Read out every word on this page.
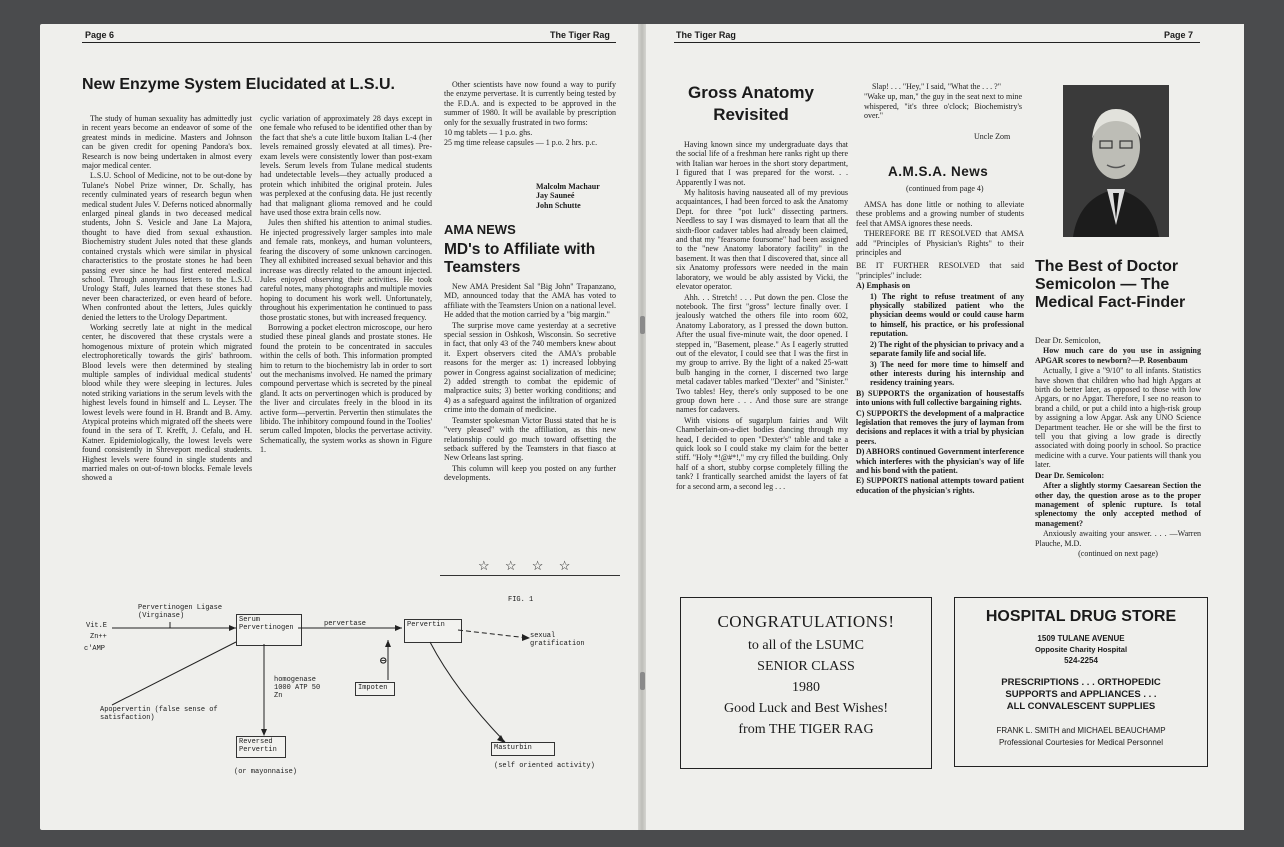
Page 6	The Tiger Rag
New Enzyme System Elucidated at L.S.U.

The study of human sexuality has admittedly just in recent years become an endeavor of some of the greatest minds in medicine. Masters and Johnson can be given credit for opening Pandora's box. Research is now being undertaken in almost every major medical center.

L.S.U. School of Medicine, not to be out-done by Tulane's Nobel Prize winner, Dr. Schally, has recently culminated years of research begun when medical student Jules V. Deferns noticed abnormally enlarged pineal glands in two deceased medical students, John S. Vesicle and Jane La Majora, thought to have died from sexual exhaustion. Biochemistry student Jules noted that these glands contained crystals which were similar in physical characteristics to the prostate stones he had been passing ever since he had first entered medical school. Through anonymous letters to the L.S.U. Urology Staff, Jules learned that these stones had never been characterized, or even heard of before. When confronted about the letters, Jules quickly denied the letters to the Urology Department.

Working secretly late at night in the medical center, he discovered that these crystals were a homogenous mixture of protein which migrated electrophoretically towards the girls' bathroom. Blood levels were then determined by stealing multiple samples of individual medical students' blood while they were sleeping in lectures. Jules noted striking variations in the serum levels with the highest levels found in himself and L. Leyser. The lowest levels were found in H. Brandt and B. Amy. Atypical proteins which migrated off the sheets were found in the sera of T. Krefft, J. Cefalu, and H. Katner. Epidemiologically, the lowest levels were found consistently in Shreveport medical students. Highest levels were found in single students and married males on out-of-town blocks. Female levels showed a

cyclic variation of approximately 28 days except in one female who refused to be identified other than by the fact that she's a cute little buxom Italian L-4 (her levels remained grossly elevated at all times). Pre-exam levels were consistently lower than post-exam levels. Serum levels from Tulane medical students had undetectable levels—they actually produced a protein which inhibited the original protein. Jules was perplexed at the confusing data. He just recently had that malignant glioma removed and he could have used those extra brain cells now.

Jules then shifted his attention to animal studies. He injected progressively larger samples into male and female rats, monkeys, and human volunteers, fearing the discovery of some unknown carcinogen. They all exhibited increased sexual behavior and this increase was directly related to the amount injected. Jules enjoyed observing their activities. He took careful notes, many photographs and multiple movies hoping to document his work well. Unfortunately, throughout his experimentation he continued to pass those prostatic stones, but with increased frequency.

Borrowing a pocket electron microscope, our hero studied these pineal glands and prostate stones. He found the protein to be concentrated in saccules within the cells of both. This information prompted him to return to the biochemistry lab in order to sort out the mechanisms involved. He named the primary compound pervertase which is secreted by the pineal gland. It acts on pervertinogen which is produced by the liver and circulates freely in the blood in its active form—pervertin. Pervertin then stimulates the libido. The inhibitory compound found in the Toolies' serum called Impoten, blocks the pervertase activity. Schematically, the system works as shown in Figure 1.

Other scientists have now found a way to purify the enzyme pervertase. It is currently being tested by the F.D.A. and is expected to be approved in the summer of 1980. It will be available by prescription only for the sexually frustrated in two forms:

10 mg tablets — 1 p.o. ghs.

25 mg time release capsules — 1 p.o. 2 hrs. p.c.

Malcolm Machaur
Jay Sauneé
John Schutte
AMA NEWS
MD's to Affiliate with Teamsters

New AMA President Sal "Big John" Trapanzano, MD, announced today that the AMA has voted to affiliate with the Teamsters Union on a national level. He added that the motion carried by a "big margin."

The surprise move came yesterday at a secretive special session in Oshkosh, Wisconsin. So secretive in fact, that only 43 of the 740 members knew about it. Expert observers cited the AMA's probable reasons for the merger as: 1) increased lobbying power in Congress against socialization of medicine; 2) added strength to combat the epidemic of malpractice suits; 3) better working conditions; and 4) as a safeguard against the infiltration of organized crime into the domain of medicine.

Teamster spokesman Victor Bussi stated that he is "very pleased" with the affiliation, as this new relationship could go much toward offsetting the setback suffered by the Teamsters in that fiasco at New Orleans last spring.

This column will keep you posted on any further developments.

☆ ☆ ☆ ☆
FIG. 1
Pervertinogen Ligase (Virginase)
Vit.E
Zn++
c'AMP
Serum Pervertinogen	pervertase	Pervertin
sexual gratification
⊖
Impoten
homogenase 1000 ATP 50 Zn
Apopervertin (false sense of satisfaction)
Reversed Pervertin
(or mayonnaise)
Masturbin
(self oriented activity)
The Tiger Rag	Page 7
Gross Anatomy Revisited

Having known since my undergraduate days that the social life of a freshman here ranks right up there with Italian war heroes in the short story department, I figured that I was prepared for the worst. . . Apparently I was not.

My halitosis having nauseated all of my previous acquaintances, I had been forced to ask the Anatomy Dept. for three "pot luck" dissecting partners. Needless to say I was dismayed to learn that all the sixth-floor cadaver tables had already been claimed, and that my "fearsome foursome" had been assigned to the "new Anatomy laboratory facility" in the basement. It was then that I discovered that, since all six Anatomy professors were needed in the main laboratory, we would be ably assisted by Vicki, the elevator operator.

Ahh. . . Stretch! . . . Put down the pen. Close the notebook. The first "gross" lecture finally over. I jealously watched the others file into room 602, Anatomy Laboratory, as I pressed the down button. After the usual five-minute wait, the door opened. I stepped in, "Basement, please." As I eagerly strutted out of the elevator, I could see that I was the first in my group to arrive. By the light of a naked 25-watt bulb hanging in the corner, I discerned two large metal cadaver tables marked "Dexter" and "Sinister." Two tables! Hey, there's only supposed to be one group down here . . . And those sure are strange names for cadavers.

With visions of sugarplum fairies and Wilt Chamberlain-on-a-diet bodies dancing through my head, I decided to open "Dexter's" table and take a quick look so I could stake my claim for the better stiff. "Holy *!@#*!," my cry filled the building. Only half of a short, stubby corpse completely filling the tank? I frantically searched amidst the layers of fat for a second arm, a second leg . . .

Slap! . . . "Hey," I said, "What the . . . ?"

"Wake up, man," the guy in the seat next to mine whispered, "it's three o'clock; Biochemistry's over."

Uncle Zom
A.M.S.A. News
(continued from page 4)

AMSA has done little or nothing to alleviate these problems and a growing number of students feel that AMSA ignores these needs.

THEREFORE BE IT RESOLVED that AMSA add "Principles of Physician's Rights" to their principles and

BE IT FURTHER RESOLVED that said "principles" include:

A) Emphasis on

1) The right to refuse treatment of any physically stabilized patient who the physician deems would or could cause harm to himself, his practice, or his professional reputation.

2) The right of the physician to privacy and a separate family life and social life.

3) The need for more time to himself and other interests during his internship and residency training years.

B) SUPPORTS the organization of housestaffs into unions with full collective bargaining rights.

C) SUPPORTS the development of a malpractice legislation that removes the jury of layman from decisions and replaces it with a trial by physician peers.

D) ABHORS continued Government interference which interferes with the physician's way of life and his bond with the patient.

E) SUPPORTS national attempts toward patient education of the physician's rights.

The Best of Doctor Semicolon — The Medical Fact-Finder

Dear Dr. Semicolon,

How much care do you use in assigning APGAR scores to newborn?—P. Rosenbaum

Actually, I give a "9/10" to all infants. Statistics have shown that children who had high Apgars at birth do better later, as opposed to those with low Apgars, or no Apgar. Therefore, I see no reason to brand a child, or put a child into a high-risk group by assigning a low Apgar. Ask any UNO Science Department teacher. He or she will be the first to tell you that giving a low grade is directly associated with doing poorly in school. So practice medicine with a curve. Your patients will thank you later.

Dear Dr. Semicolon:

After a slightly stormy Caesarean Section the other day, the question arose as to the proper management of splenic rupture. Is total splenectomy the only accepted method of management?

Anxiously awaiting your answer. . . . —Warren Plauche, M.D.

(continued on next page)

CONGRATULATIONS!
to all of the LSUMC
SENIOR CLASS
1980
Good Luck and Best Wishes!
from THE TIGER RAG
HOSPITAL DRUG STORE
1509 TULANE AVENUE
Opposite Charity Hospital
524-2254
PRESCRIPTIONS . . . ORTHOPEDIC
SUPPORTS and APPLIANCES . . .
ALL CONVALESCENT SUPPLIES
FRANK L. SMITH and MICHAEL BEAUCHAMP
Professional Courtesies for Medical Personnel
